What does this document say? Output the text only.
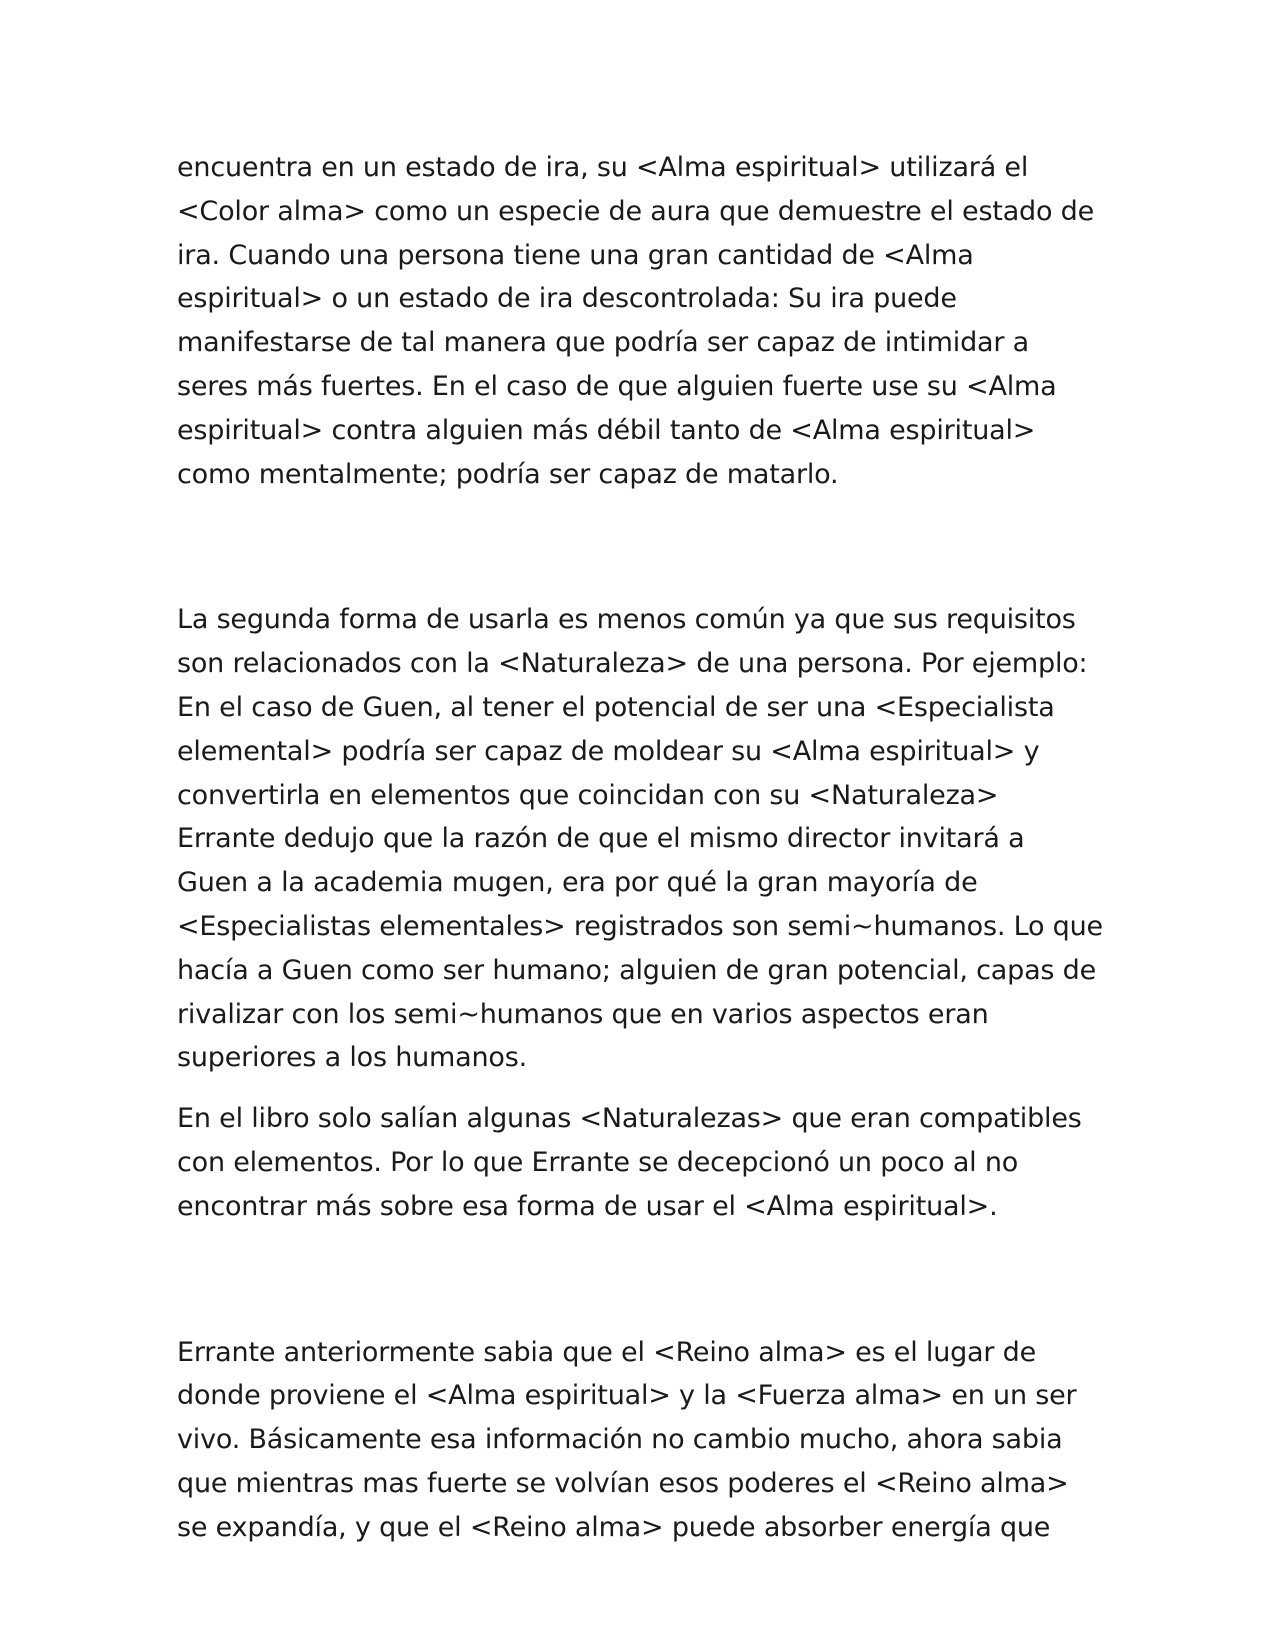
encuentra en un estado de ira, su <Alma espiritual> utilizará el
<Color alma> como un especie de aura que demuestre el estado de
ira. Cuando una persona tiene una gran cantidad de <Alma
espiritual> o un estado de ira descontrolada: Su ira puede
manifestarse de tal manera que podría ser capaz de intimidar a
seres más fuertes. En el caso de que alguien fuerte use su <Alma
espiritual> contra alguien más débil tanto de <Alma espiritual>
como mentalmente; podría ser capaz de matarlo.
La segunda forma de usarla es menos común ya que sus requisitos
son relacionados con la <Naturaleza> de una persona. Por ejemplo:
En el caso de Guen, al tener el potencial de ser una <Especialista
elemental> podría ser capaz de moldear su <Alma espiritual> y
convertirla en elementos que coincidan con su <Naturaleza>
Errante dedujo que la razón de que el mismo director invitará a
Guen a la academia mugen, era por qué la gran mayoría de
<Especialistas elementales> registrados son semi~humanos. Lo que
hacía a Guen como ser humano; alguien de gran potencial, capas de
rivalizar con los semi~humanos que en varios aspectos eran
superiores a los humanos.
En el libro solo salían algunas <Naturalezas> que eran compatibles
con elementos. Por lo que Errante se decepcionó un poco al no
encontrar más sobre esa forma de usar el <Alma espiritual>.
Errante anteriormente sabia que el <Reino alma> es el lugar de
donde proviene el <Alma espiritual> y la <Fuerza alma> en un ser
vivo. Básicamente esa información no cambio mucho, ahora sabia
que mientras mas fuerte se volvían esos poderes el <Reino alma>
se expandía, y que el <Reino alma> puede absorber energía que
